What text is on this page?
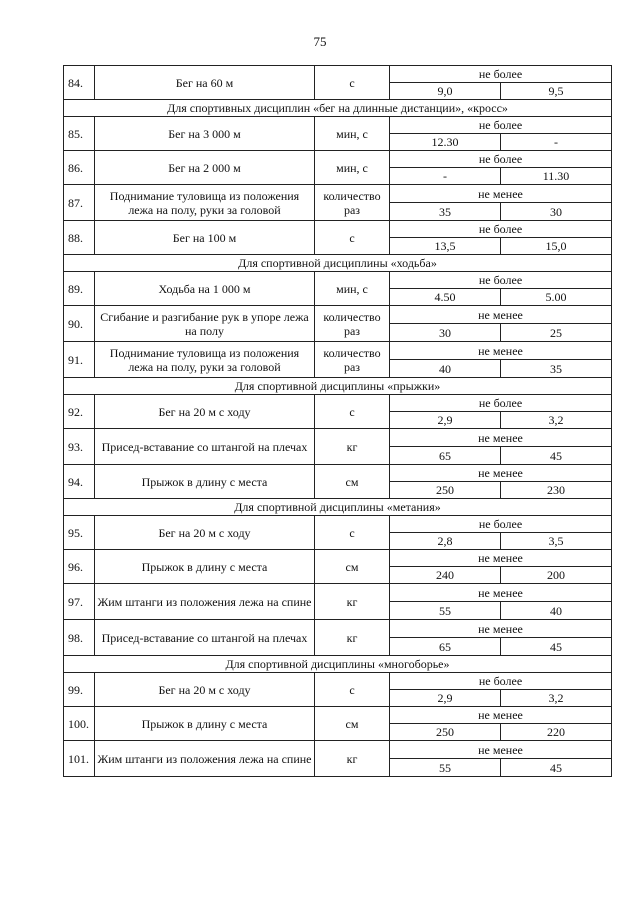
75
84.	Бег на 60 м	с	не более	
			9,0	9,5
Для спортивных дисциплин «бег на длинные дистанции», «кросс»				
85.	Бег на 3 000 м	мин, с	не более	
			12.30	-
86.	Бег на 2 000 м	мин, с	не более	
			-	11.30
87.	Поднимание туловища из положения лежа на полу, руки за головой	количество раз	не менее	
			35	30
88.	Бег на 100 м	с	не более	
			13,5	15,0
Для спортивной дисциплины «ходьба»				
89.	Ходьба на 1 000 м	мин, с	не более	
			4.50	5.00
90.	Сгибание и разгибание рук в упоре лежа на полу	количество раз	не менее	
			30	25
91.	Поднимание туловища из положения лежа на полу, руки за головой	количество раз	не менее	
			40	35
Для спортивной дисциплины «прыжки»				
92.	Бег на 20 м с ходу	с	не более	
			2,9	3,2
93.	Присед-вставание со штангой на плечах	кг	не менее	
			65	45
94.	Прыжок в длину с места	см	не менее	
			250	230
Для спортивной дисциплины «метания»				
95.	Бег на 20 м с ходу	с	не более	
			2,8	3,5
96.	Прыжок в длину с места	см	не менее	
			240	200
97.	Жим штанги из положения лежа на спине	кг	не менее	
			55	40
98.	Присед-вставание со штангой на плечах	кг	не менее	
			65	45
Для спортивной дисциплины «многоборье»				
99.	Бег на 20 м с ходу	с	не более	
			2,9	3,2
100.	Прыжок в длину с места	см	не менее	
			250	220
101.	Жим штанги из положения лежа на спине	кг	не менее	
			55	45
